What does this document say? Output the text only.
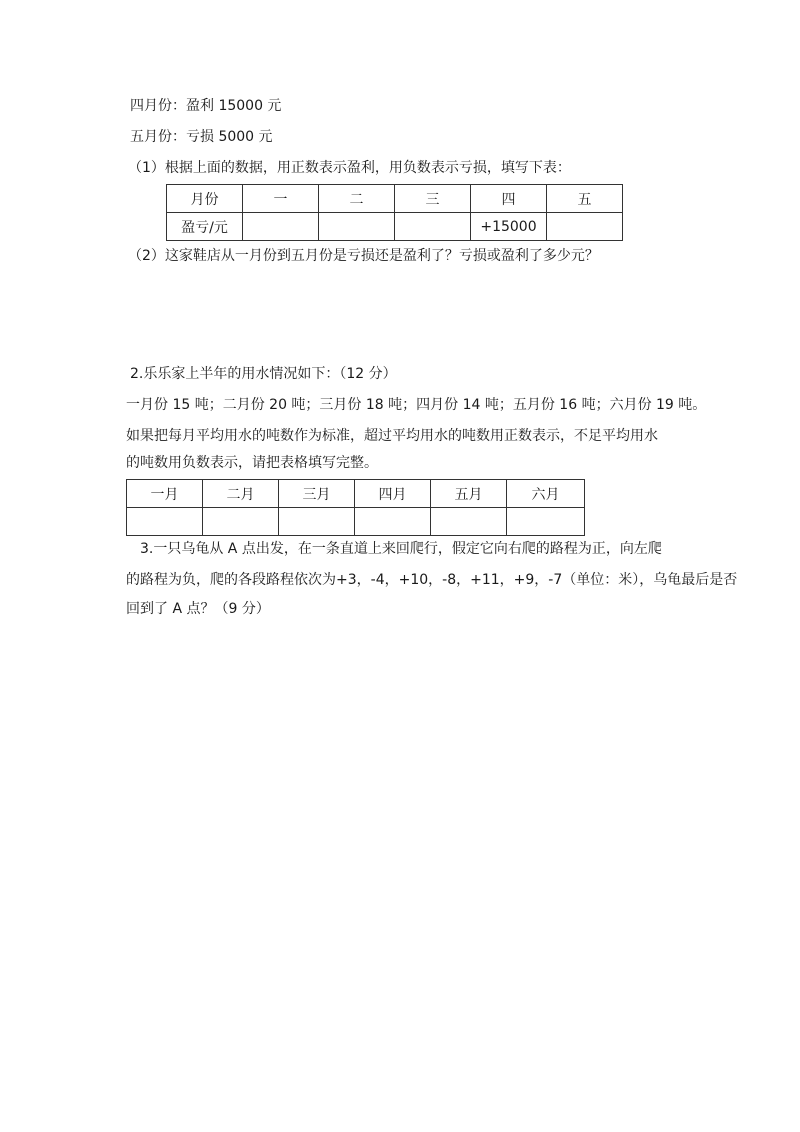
四月份：盈利 15000 元
五月份：亏损 5000 元
（1）根据上面的数据，用正数表示盈利，用负数表示亏损，填写下表：
月份	一	二	三	四	五
盈亏/元				+15000	
（2）这家鞋店从一月份到五月份是亏损还是盈利了？亏损或盈利了多少元？
2.乐乐家上半年的用水情况如下：（12 分）
一月份 15 吨；二月份 20 吨；三月份 18 吨；四月份 14 吨；五月份 16 吨；六月份 19 吨。
如果把每月平均用水的吨数作为标准，超过平均用水的吨数用正数表示，不足平均用水
的吨数用负数表示，请把表格填写完整。
一月	二月	三月	四月	五月	六月

3.一只乌龟从 A 点出发，在一条直道上来回爬行，假定它向右爬的路程为正，向左爬
的路程为负，爬的各段路程依次为+3，-4，+10，-8，+11，+9，-7（单位：米），乌龟最后是否
回到了 A 点？（9 分）
